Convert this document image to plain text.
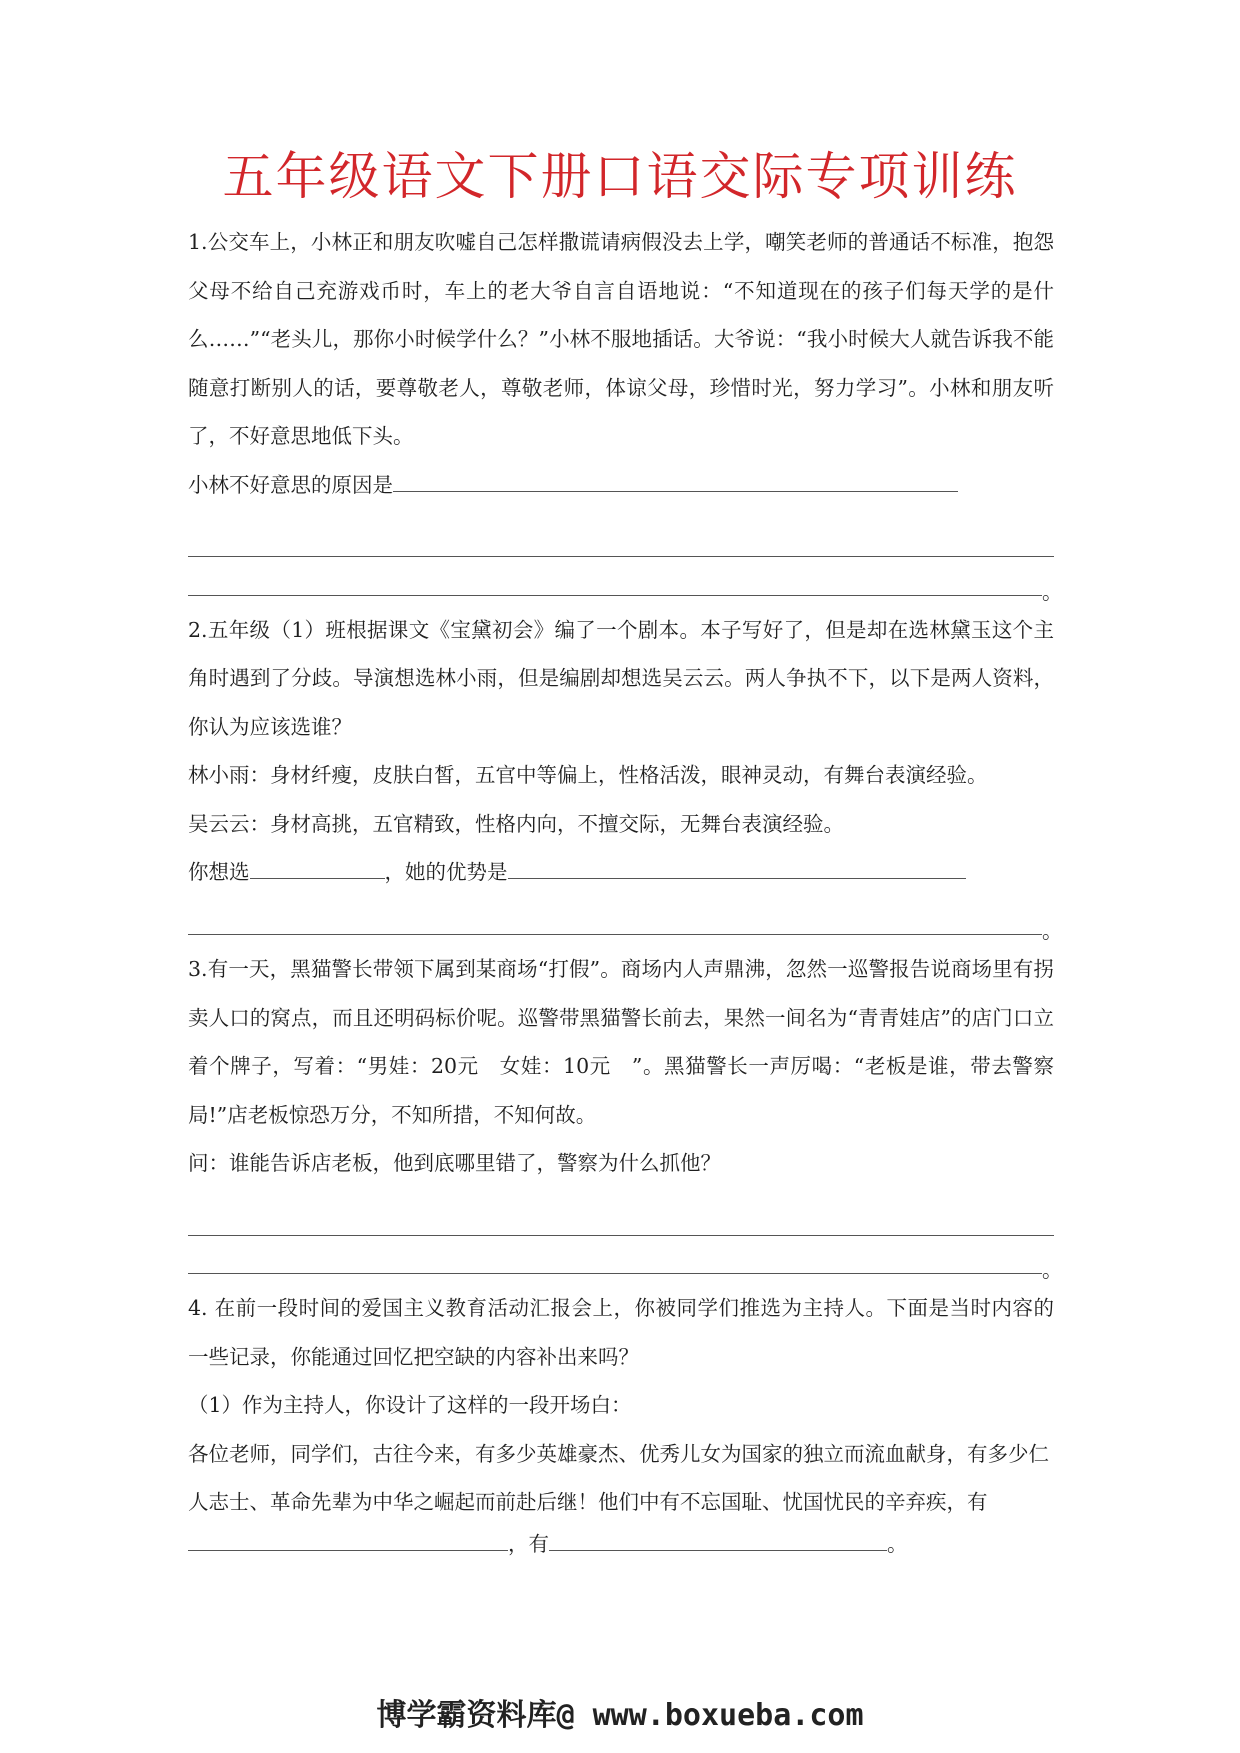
五年级语文下册口语交际专项训练

1.公交车上，小林正和朋友吹嘘自己怎样撒谎请病假没去上学，嘲笑老师的普通话不标准，抱怨父母不给自己充游戏币时，车上的老大爷自言自语地说：“不知道现在的孩子们每天学的是什么……”“老头儿，那你小时候学什么？”小林不服地插话。大爷说：“我小时候大人就告诉我不能随意打断别人的话，要尊敬老人，尊敬老师，体谅父母，珍惜时光，努力学习”。小林和朋友听了，不好意思地低下头。

小林不好意思的原因是
。

2.五年级（1）班根据课文《宝黛初会》编了一个剧本。本子写好了，但是却在选林黛玉这个主角时遇到了分歧。导演想选林小雨，但是编剧却想选吴云云。两人争执不下，以下是两人资料，你认为应该选谁？

林小雨：身材纤瘦，皮肤白皙，五官中等偏上，性格活泼，眼神灵动，有舞台表演经验。
吴云云：身材高挑，五官精致，性格内向，不擅交际，无舞台表演经验。
你想选	，她的优势是
。

3.有一天，黑猫警长带领下属到某商场“打假”。商场内人声鼎沸，忽然一巡警报告说商场里有拐卖人口的窝点，而且还明码标价呢。巡警带黑猫警长前去，果然一间名为“青青娃店”的店门口立着个牌子，写着：“男娃：20元　女娃：10元　”。黑猫警长一声厉喝：“老板是谁，带去警察局!”店老板惊恐万分，不知所措，不知何故。

问：谁能告诉店老板，他到底哪里错了，警察为什么抓他？
。

4. 在前一段时间的爱国主义教育活动汇报会上，你被同学们推选为主持人。下面是当时内容的一些记录，你能通过回忆把空缺的内容补出来吗？

（1）作为主持人，你设计了这样的一段开场白：

各位老师，同学们，古往今来，有多少英雄豪杰、优秀儿女为国家的独立而流血献身，有多少仁人志士、革命先辈为中华之崛起而前赴后继！他们中有不忘国耻、忧国忧民的辛弃疾，有

，有	。
博学霸资料库@ www.boxueba.com
